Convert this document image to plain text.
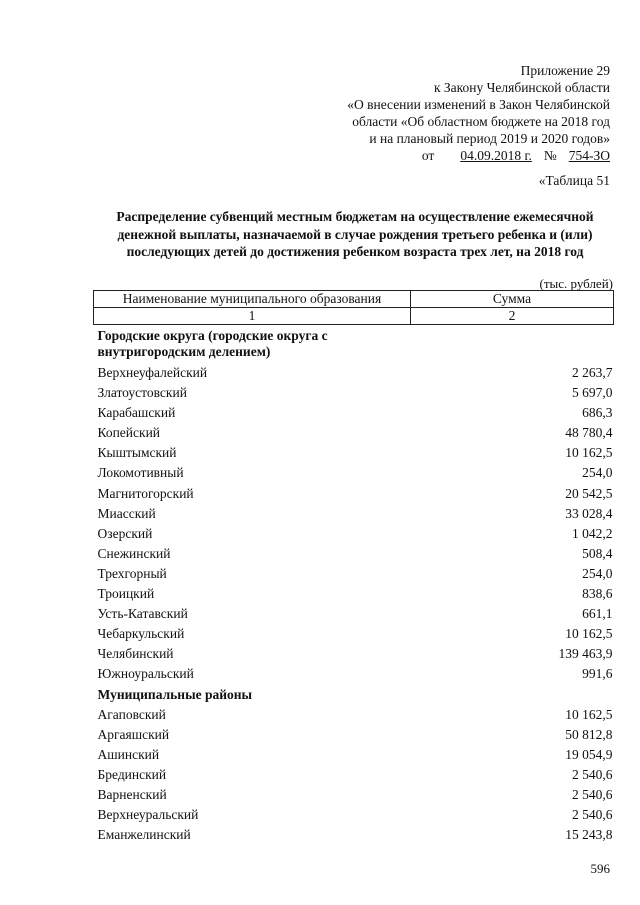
Приложение 29
к Закону Челябинской области
«О внесении изменений в Закон Челябинской
области «Об областном бюджете на 2018 год
и на плановый период 2019 и 2020 годов»
от 04.09.2018 г. № 754-ЗО
«Таблица 51
Распределение субвенций местным бюджетам на осуществление ежемесячной денежной выплаты, назначаемой в случае рождения третьего ребенка и (или) последующих детей до достижения ребенком возраста трех лет, на 2018 год
(тыс. рублей)
Наименование муниципального образования	Сумма
1	2
Городские округа (городские округа с внутригородским делением)	
Верхнеуфалейский	2 263,7
Златоустовский	5 697,0
Карабашский	686,3
Копейский	48 780,4
Кыштымский	10 162,5
Локомотивный	254,0
Магнитогорский	20 542,5
Миасский	33 028,4
Озерский	1 042,2
Снежинский	508,4
Трехгорный	254,0
Троицкий	838,6
Усть-Катавский	661,1
Чебаркульский	10 162,5
Челябинский	139 463,9
Южноуральский	991,6
Муниципальные районы	
Агаповский	10 162,5
Аргаяшский	50 812,8
Ашинский	19 054,9
Брединский	2 540,6
Варненский	2 540,6
Верхнеуральский	2 540,6
Еманжелинский	15 243,8
596
